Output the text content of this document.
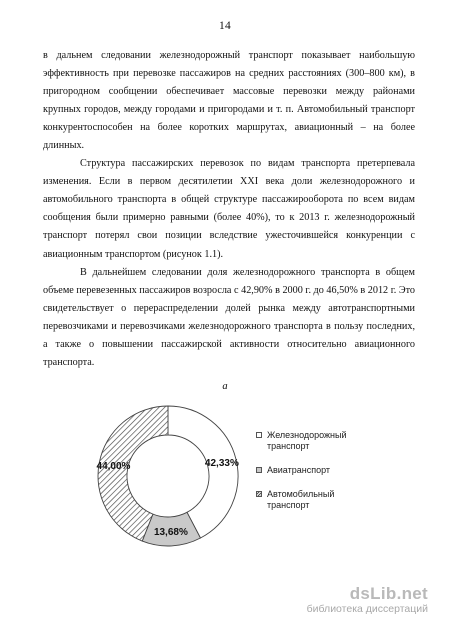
14

в дальнем следовании железнодорожный транспорт показывает наибольшую эффективность при перевозке пассажиров на средних расстояниях (300–800 км), в пригородном сообщении обеспечивает массовые перевозки между районами крупных городов, между городами и пригородами и т. п. Автомобильный транспорт конкурентоспособен на более коротких маршрутах, авиационный – на более длинных.

Структура пассажирских перевозок по видам транспорта претерпевала изменения. Если в первом десятилетии XXI века доли железнодорожного и автомобильного транспорта в общей структуре пассажирооборота по всем видам сообщения были примерно равными (более 40%), то к 2013 г. железнодорожный транспорт потерял свои позиции вследствие ужесточившейся конкуренции с авиационным транспортом (рисунок 1.1).

В дальнейшем следовании доля железнодорожного транспорта в общем объеме перевезенных пассажиров возросла с 42,90% в 2000 г. до 46,50% в 2012 г. Это свидетельствует о перераспределении долей рынка между автотранспортными перевозчиками и перевозчиками железнодорожного транспорта в пользу последних, а также о повышении пассажирской активности относительно авиационного транспорта.

а
42,33%
13,68%
44,00%
Железнодорожный транспорт
Авиатранспорт
Автомобильный транспорт
dsLib.net
библиотека диссертаций
